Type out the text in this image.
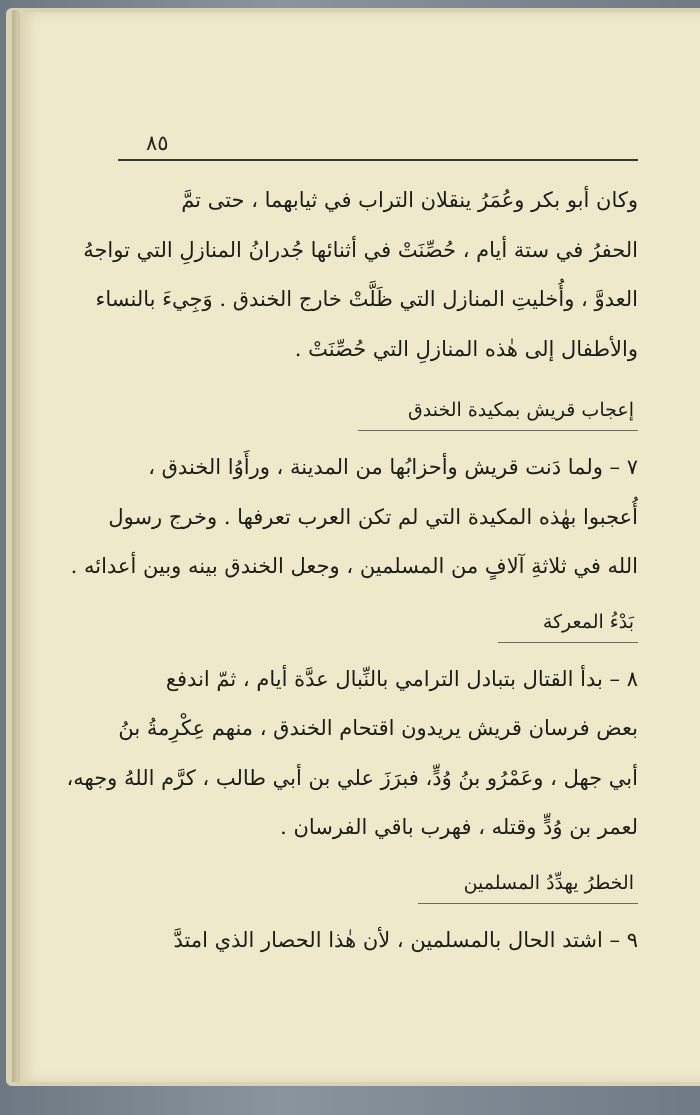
٨٥
وكان أبو بكر وعُمَرُ ينقلان التراب في ثيابهما ، حتى تمَّ
الحفرُ في ستة أيام ، حُصِّنَتْ في أثنائها جُدرانُ المنازلِ التي تواجهُ
العدوَّ ، وأُخليتِ المنازل التي ظَلَّتْ خارج الخندق . وَجِيءَ بالنساء
والأطفال إلى هٰذه المنازلِ التي حُصِّنَتْ .
إعجاب قريش بمكيدة الخندق
٧ – ولما دَنت قريش وأحزابُها من المدينة ، ورأَوُا الخندق ،
أُعجبوا بهٰذه المكيدة التي لم تكن العرب تعرفها . وخرج رسول
الله في ثلاثةِ آلافٍ من المسلمين ، وجعل الخندق بينه وبين أعدائه .
بَدْءُ المعركة
٨ – بدأ القتال بتبادل الترامي بالنِّبال عدَّة أيام ، ثمّ اندفع
بعض فرسان قريش يريدون اقتحام الخندق ، منهم عِكْرِمةُ بنُ
أبي جهل ، وعَمْرُو بنُ وُدٍّ، فبرَزَ علي بن أبي طالب ، كرَّم اللهُ وجهه،
لعمر بن وُدٍّ وقتله ، فهرب باقي الفرسان .
الخطرُ يهدِّدُ المسلمين
٩ – اشتد الحال بالمسلمين ، لأن هٰذا الحصار الذي امتدَّ
